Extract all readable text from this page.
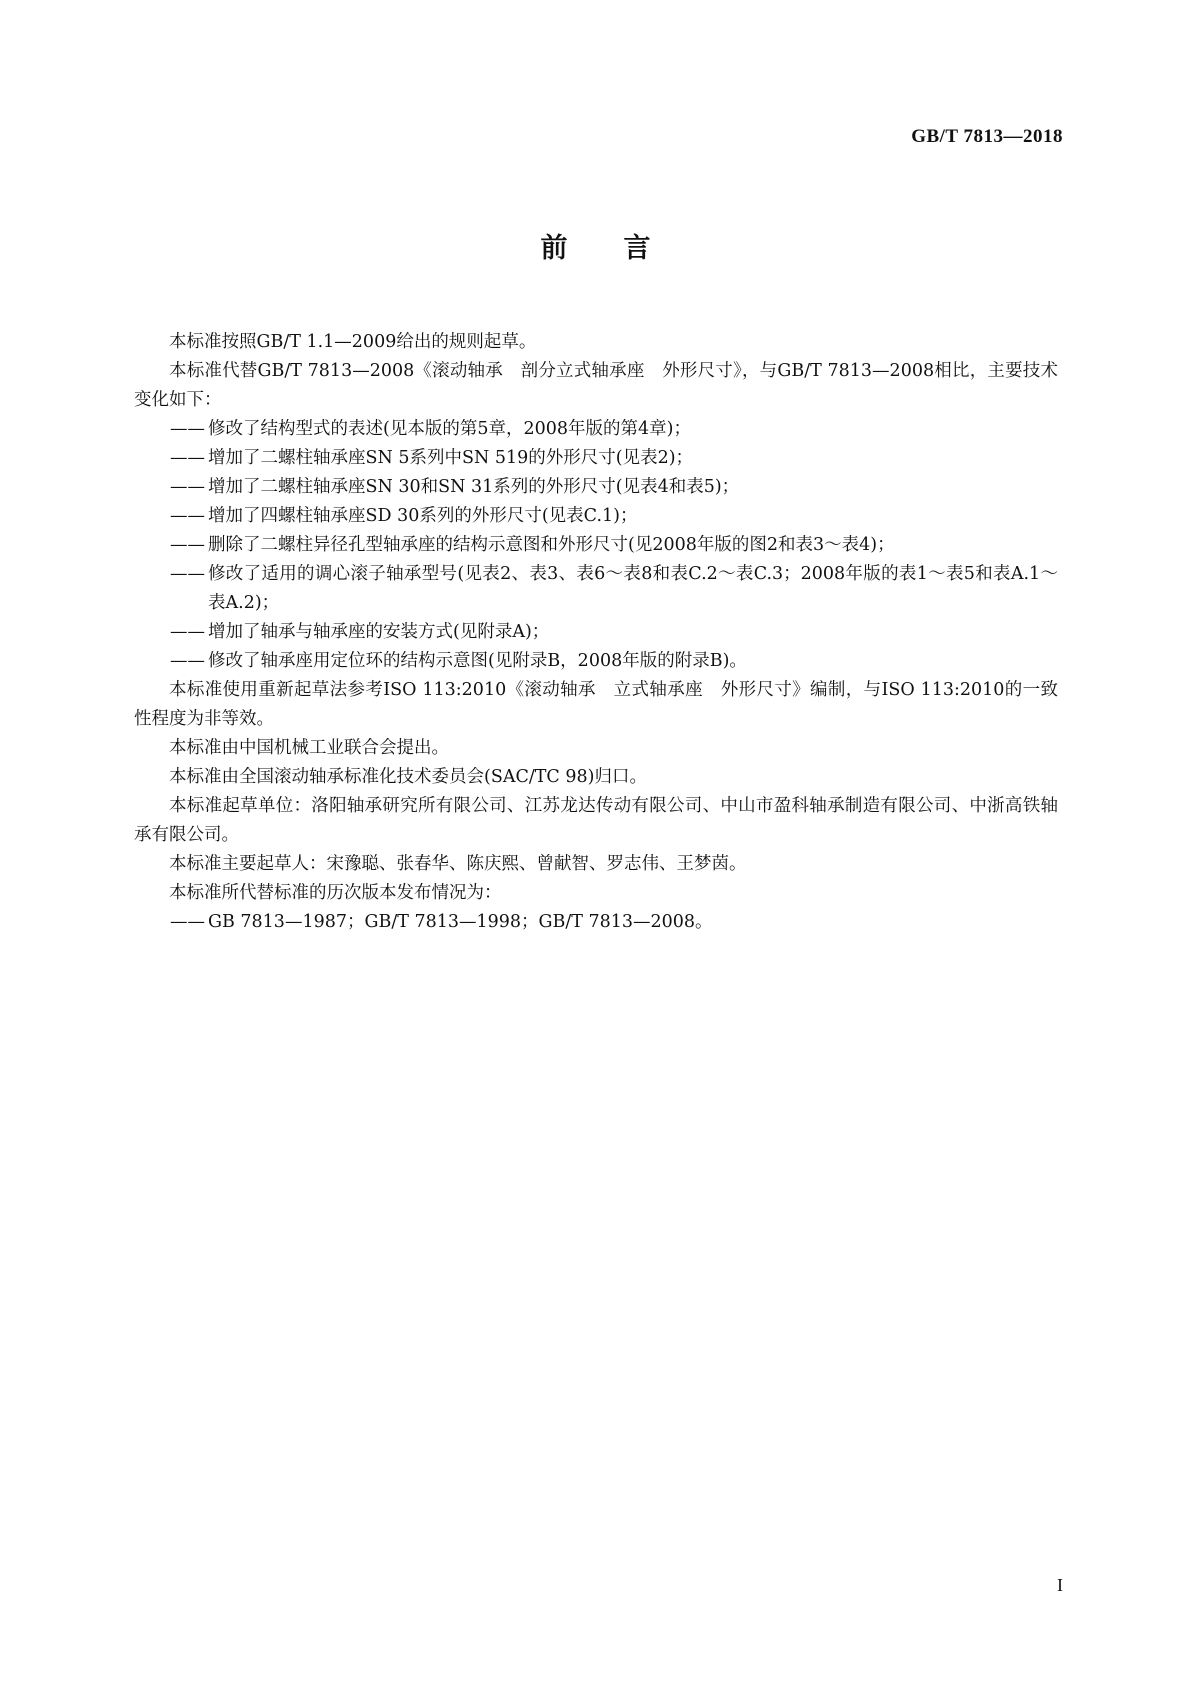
GB/T 7813—2018
前言

本标准按照GB/T 1.1—2009给出的规则起草。

本标准代替GB/T 7813—2008《滚动轴承　剖分立式轴承座　外形尺寸》，与GB/T 7813—2008相比，主要技术变化如下：

—— 修改了结构型式的表述(见本版的第5章，2008年版的第4章)；

—— 增加了二螺柱轴承座SN 5系列中SN 519的外形尺寸(见表2)；

—— 增加了二螺柱轴承座SN 30和SN 31系列的外形尺寸(见表4和表5)；

—— 增加了四螺柱轴承座SD 30系列的外形尺寸(见表C.1)；

—— 删除了二螺柱异径孔型轴承座的结构示意图和外形尺寸(见2008年版的图2和表3～表4)；

—— 修改了适用的调心滚子轴承型号(见表2、表3、表6～表8和表C.2～表C.3；2008年版的表1～表5和表A.1～表A.2)；

—— 增加了轴承与轴承座的安装方式(见附录A)；

—— 修改了轴承座用定位环的结构示意图(见附录B，2008年版的附录B)。

本标准使用重新起草法参考ISO 113:2010《滚动轴承　立式轴承座　外形尺寸》编制，与ISO 113:2010的一致性程度为非等效。

本标准由中国机械工业联合会提出。

本标准由全国滚动轴承标准化技术委员会(SAC/TC 98)归口。

本标准起草单位：洛阳轴承研究所有限公司、江苏龙达传动有限公司、中山市盈科轴承制造有限公司、中浙高铁轴承有限公司。

本标准主要起草人：宋豫聪、张春华、陈庆熙、曾献智、罗志伟、王梦茵。

本标准所代替标准的历次版本发布情况为：

—— GB 7813—1987；GB/T 7813—1998；GB/T 7813—2008。

I
